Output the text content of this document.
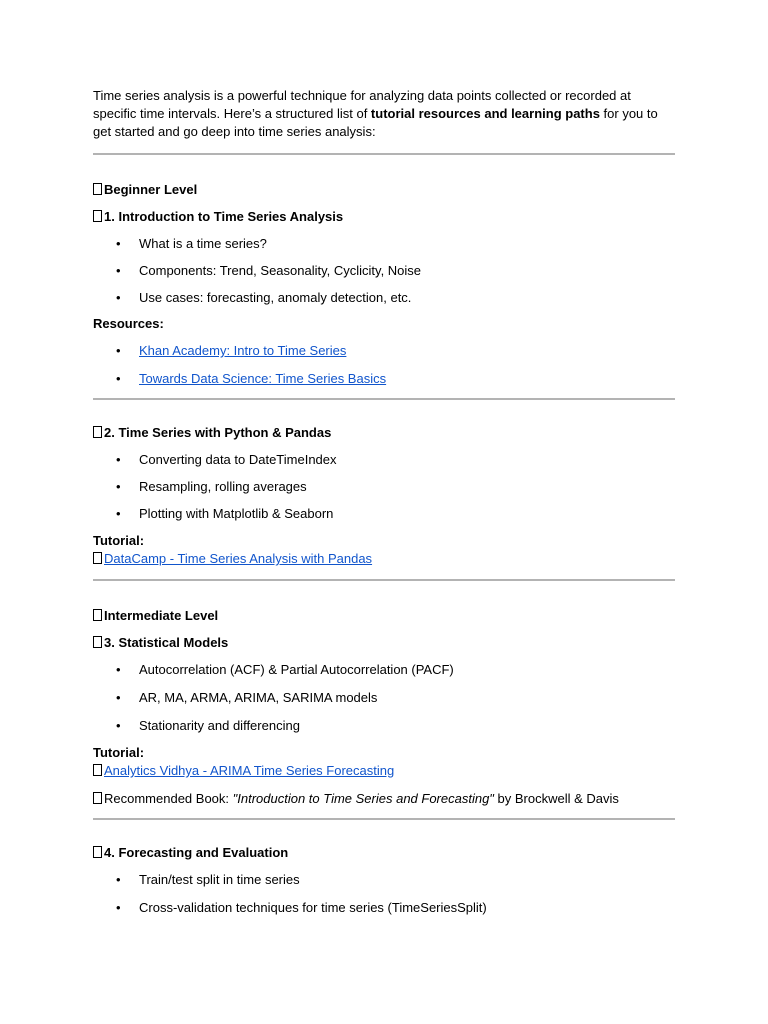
Time series analysis is a powerful technique for analyzing data points collected or recorded at specific time intervals. Here’s a structured list of tutorial resources and learning paths for you to get started and go deep into time series analysis:

Beginner Level

1. Introduction to Time Series Analysis

• What is a time series?
• Components: Trend, Seasonality, Cyclicity, Noise
• Use cases: forecasting, anomaly detection, etc.

Resources:

• Khan Academy: Intro to Time Series
• Towards Data Science: Time Series Basics

2. Time Series with Python & Pandas

• Converting data to DateTimeIndex
• Resampling, rolling averages
• Plotting with Matplotlib & Seaborn

Tutorial:

DataCamp - Time Series Analysis with Pandas

Intermediate Level

3. Statistical Models

• Autocorrelation (ACF) & Partial Autocorrelation (PACF)
• AR, MA, ARMA, ARIMA, SARIMA models
• Stationarity and differencing

Tutorial:

Analytics Vidhya - ARIMA Time Series Forecasting

Recommended Book: "Introduction to Time Series and Forecasting" by Brockwell & Davis

4. Forecasting and Evaluation

• Train/test split in time series
• Cross-validation techniques for time series (TimeSeriesSplit)
